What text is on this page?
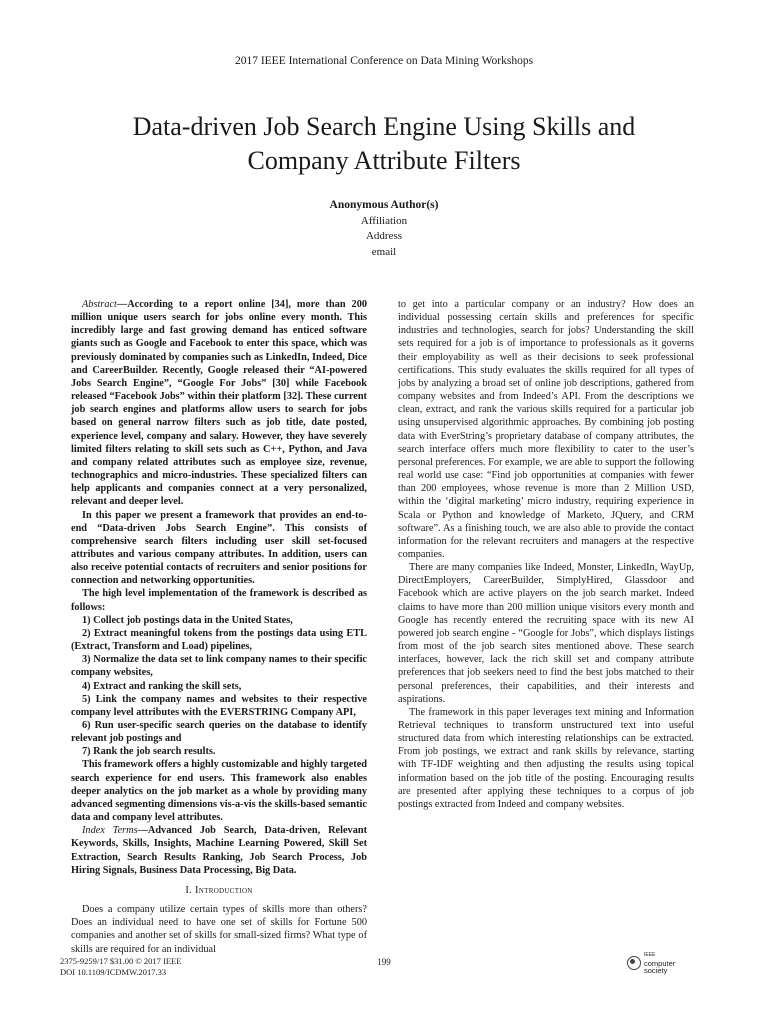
2017 IEEE International Conference on Data Mining Workshops
Data-driven Job Search Engine Using Skills and
Company Attribute Filters
Anonymous Author(s)
Affiliation
Address
email

Abstract—According to a report online [34], more than 200 million unique users search for jobs online every month. This incredibly large and fast growing demand has enticed software giants such as Google and Facebook to enter this space, which was previously dominated by companies such as LinkedIn, Indeed, Dice and CareerBuilder. Recently, Google released their “AI-powered Jobs Search Engine”, “Google For Jobs” [30] while Facebook released “Facebook Jobs” within their platform [32]. These current job search engines and platforms allow users to search for jobs based on general narrow filters such as job title, date posted, experience level, company and salary. However, they have severely limited filters relating to skill sets such as C++, Python, and Java and company related attributes such as employee size, revenue, technographics and micro-industries. These specialized filters can help applicants and companies connect at a very personalized, relevant and deeper level.

In this paper we present a framework that provides an end-to-end “Data-driven Jobs Search Engine”. This consists of comprehensive search filters including user skill set-focused attributes and various company attributes. In addition, users can also receive potential contacts of recruiters and senior positions for connection and networking opportunities.

The high level implementation of the framework is described as follows:

1) Collect job postings data in the United States,

2) Extract meaningful tokens from the postings data using ETL (Extract, Transform and Load) pipelines,

3) Normalize the data set to link company names to their specific company websites,

4) Extract and ranking the skill sets,

5) Link the company names and websites to their respective company level attributes with the EVERSTRING Company API,

6) Run user-specific search queries on the database to identify relevant job postings and

7) Rank the job search results.

This framework offers a highly customizable and highly targeted search experience for end users. This framework also enables deeper analytics on the job market as a whole by providing many advanced segmenting dimensions vis-a-vis the skills-based semantic data and company level attributes.

Index Terms—Advanced Job Search, Data-driven, Relevant Keywords, Skills, Insights, Machine Learning Powered, Skill Set Extraction, Search Results Ranking, Job Search Process, Job Hiring Signals, Business Data Processing, Big Data.

I. Introduction

Does a company utilize certain types of skills more than others? Does an individual need to have one set of skills for Fortune 500 companies and another set of skills for small-sized firms? What type of skills are required for an individual

to get into a particular company or an industry? How does an individual possessing certain skills and preferences for specific industries and technologies, search for jobs? Understanding the skill sets required for a job is of importance to professionals as it governs their employability as well as their decisions to seek professional certifications. This study evaluates the skills required for all types of jobs by analyzing a broad set of online job descriptions, gathered from company websites and from Indeed’s API. From the descriptions we clean, extract, and rank the various skills required for a particular job using unsupervised algorithmic approaches. By combining job posting data with EverString’s proprietary database of company attributes, the search interface offers much more flexibility to cater to the user’s personal preferences. For example, we are able to support the following real world use case: “Find job opportunities at companies with fewer than 200 employees, whose revenue is more than 2 Million USD, within the ‘digital marketing’ micro industry, requiring experience in Scala or Python and knowledge of Marketo, JQuery, and CRM software”. As a finishing touch, we are also able to provide the contact information for the relevant recruiters and managers at the respective companies.

There are many companies like Indeed, Monster, LinkedIn, WayUp, DirectEmployers, CareerBuilder, SimplyHired, Glassdoor and Facebook which are active players on the job search market. Indeed claims to have more than 200 million unique visitors every month and Google has recently entered the recruiting space with its new AI powered job search engine - “Google for Jobs”, which displays listings from most of the job search sites mentioned above. These search interfaces, however, lack the rich skill set and company attribute preferences that job seekers need to find the best jobs matched to their personal preferences, their capabilities, and their interests and aspirations.

The framework in this paper leverages text mining and Information Retrieval techniques to transform unstructured text into useful structured data from which interesting relationships can be extracted. From job postings, we extract and rank skills by relevance, starting with TF-IDF weighting and then adjusting the results using topical information based on the job title of the posting. Encouraging results are presented after applying these techniques to a corpus of job postings extracted from Indeed and company websites.

2375-9259/17 $31.00 © 2017 IEEE
DOI 10.1109/ICDMW.2017.33
199
IEEE
computer
society
